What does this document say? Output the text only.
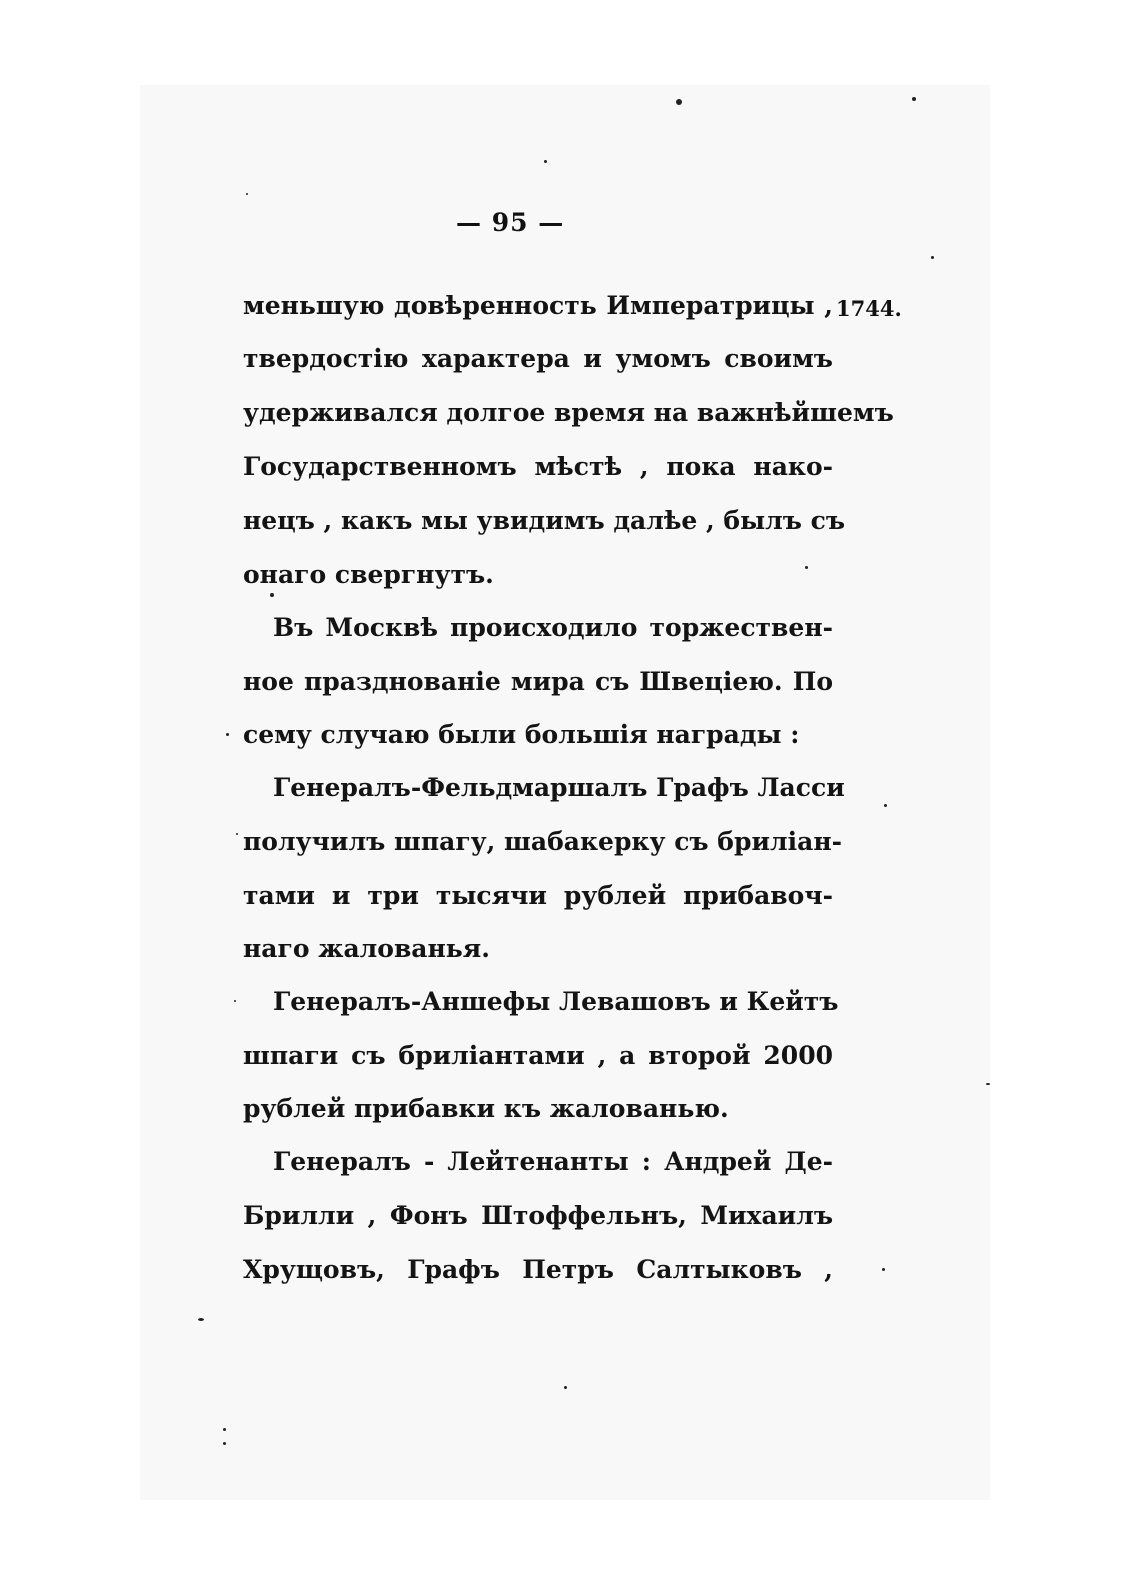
— 95 —
1744.
меньшую довѣренность Императрицы ,
твердостію характера и умомъ своимъ
удерживался долгое время на важнѣйшемъ
Государственномъ мѣстѣ , пока нако-
нецъ , какъ мы увидимъ далѣе , былъ съ
онаго свергнутъ.
Въ Москвѣ происходило торжествен-
ное празднованіе мира съ Швеціею. По
сему случаю были большія награды :
Генералъ-Фельдмаршалъ Графъ Ласси
получилъ шпагу, шабакерку съ бриліан-
тами и три тысячи рублей прибавоч-
наго жалованья.
Генералъ-Аншефы Левашовъ и Кейтъ
шпаги съ бриліантами , а второй 2000
рублей прибавки къ жалованью.
Генералъ - Лейтенанты : Андрей Де-
Брилли , Фонъ Штоффельнъ, Михаилъ
Хрущовъ, Графъ Петръ Салтыковъ ,
